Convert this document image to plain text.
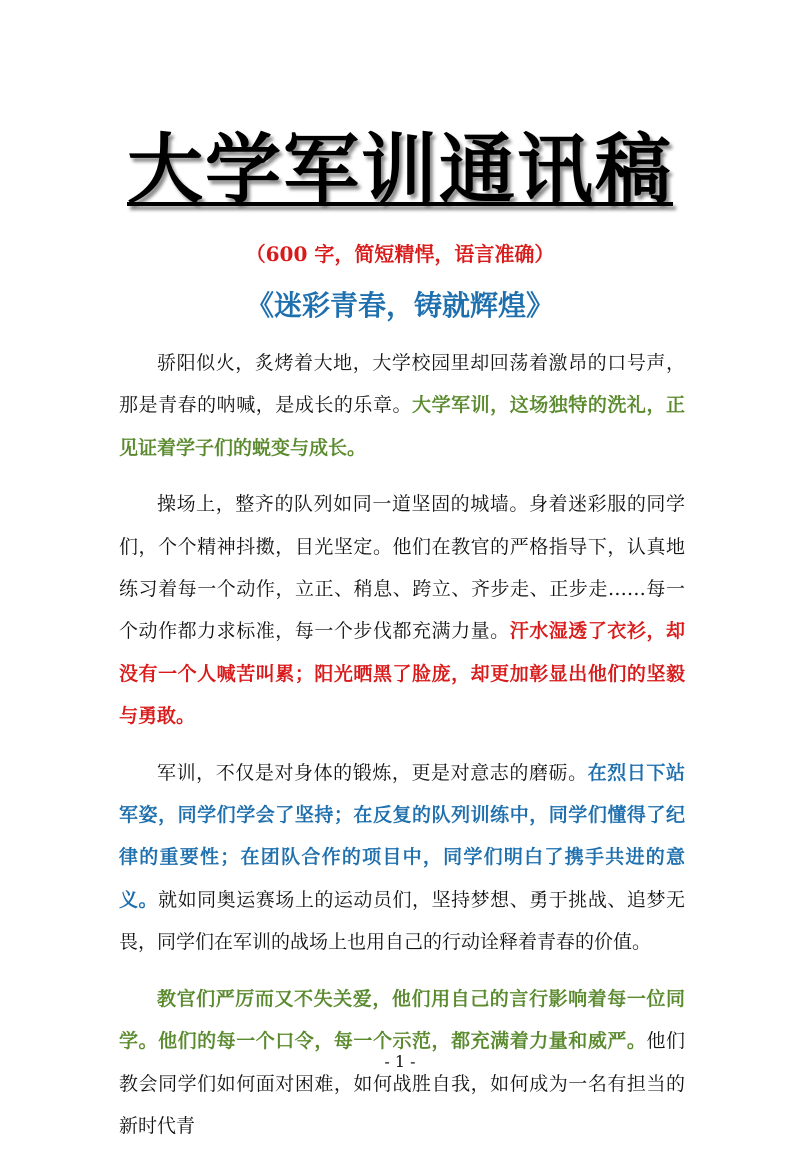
大学军训通讯稿
（600 字，简短精悍，语言准确）
《迷彩青春，铸就辉煌》

骄阳似火，炙烤着大地，大学校园里却回荡着激昂的口号声，那是青春的呐喊，是成长的乐章。大学军训，这场独特的洗礼，正见证着学子们的蜕变与成长。

操场上，整齐的队列如同一道坚固的城墙。身着迷彩服的同学们，个个精神抖擞，目光坚定。他们在教官的严格指导下，认真地练习着每一个动作，立正、稍息、跨立、齐步走、正步走……每一个动作都力求标准，每一个步伐都充满力量。汗水湿透了衣衫，却没有一个人喊苦叫累；阳光晒黑了脸庞，却更加彰显出他们的坚毅与勇敢。

军训，不仅是对身体的锻炼，更是对意志的磨砺。在烈日下站军姿，同学们学会了坚持；在反复的队列训练中，同学们懂得了纪律的重要性；在团队合作的项目中，同学们明白了携手共进的意义。就如同奥运赛场上的运动员们，坚持梦想、勇于挑战、追梦无畏，同学们在军训的战场上也用自己的行动诠释着青春的价值。

教官们严厉而又不失关爱，他们用自己的言行影响着每一位同学。他们的每一个口令，每一个示范，都充满着力量和威严。他们教会同学们如何面对困难，如何战胜自我，如何成为一名有担当的新时代青

- 1 -
